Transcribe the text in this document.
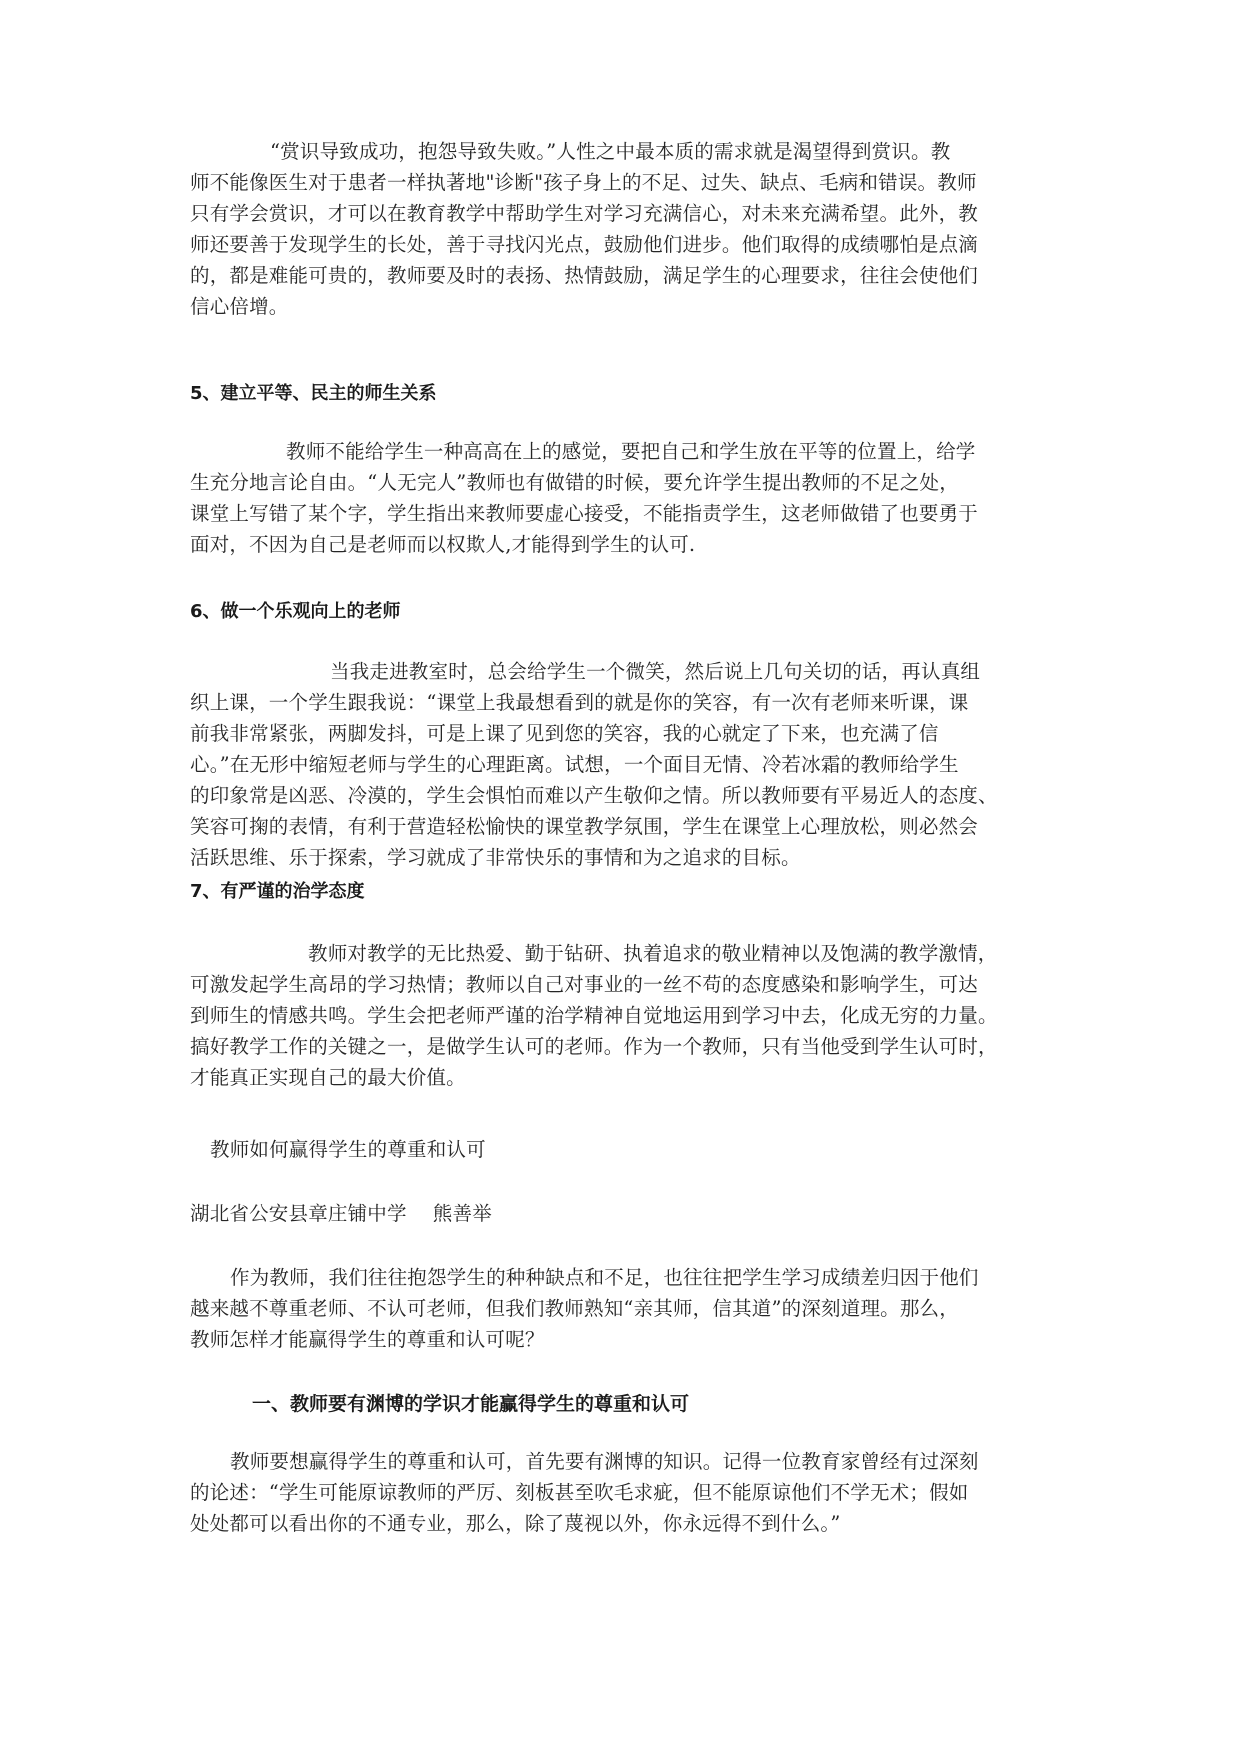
“赏识导致成功，抱怨导致失败。”人性之中最本质的需求就是渴望得到赏识。教
师不能像医生对于患者一样执著地"诊断"孩子身上的不足、过失、缺点、毛病和错误。教师
只有学会赏识，才可以在教育教学中帮助学生对学习充满信心，对未来充满希望。此外，教
师还要善于发现学生的长处，善于寻找闪光点，鼓励他们进步。他们取得的成绩哪怕是点滴
的，都是难能可贵的，教师要及时的表扬、热情鼓励，满足学生的心理要求，往往会使他们
信心倍增。
5、建立平等、民主的师生关系
教师不能给学生一种高高在上的感觉，要把自己和学生放在平等的位置上，给学
生充分地言论自由。“人无完人”教师也有做错的时候，要允许学生提出教师的不足之处，
课堂上写错了某个字，学生指出来教师要虚心接受，不能指责学生，这老师做错了也要勇于
面对，不因为自己是老师而以权欺人,才能得到学生的认可.
6、做一个乐观向上的老师
当我走进教室时，总会给学生一个微笑，然后说上几句关切的话，再认真组
织上课，一个学生跟我说：“课堂上我最想看到的就是你的笑容，有一次有老师来听课，课
前我非常紧张，两脚发抖，可是上课了见到您的笑容，我的心就定了下来，也充满了信
心。”在无形中缩短老师与学生的心理距离。试想，一个面目无情、冷若冰霜的教师给学生
的印象常是凶恶、冷漠的，学生会惧怕而难以产生敬仰之情。所以教师要有平易近人的态度、
笑容可掬的表情，有利于营造轻松愉快的课堂教学氛围，学生在课堂上心理放松，则必然会
活跃思维、乐于探索，学习就成了非常快乐的事情和为之追求的目标。
7、有严谨的治学态度
教师对教学的无比热爱、勤于钻研、执着追求的敬业精神以及饱满的教学激情，
可激发起学生高昂的学习热情；教师以自己对事业的一丝不苟的态度感染和影响学生，可达
到师生的情感共鸣。学生会把老师严谨的治学精神自觉地运用到学习中去，化成无穷的力量。
搞好教学工作的关键之一，是做学生认可的老师。作为一个教师，只有当他受到学生认可时，
才能真正实现自己的最大价值。
教师如何赢得学生的尊重和认可
湖北省公安县章庄铺中学　 熊善举
作为教师，我们往往抱怨学生的种种缺点和不足，也往往把学生学习成绩差归因于他们
越来越不尊重老师、不认可老师，但我们教师熟知“亲其师，信其道”的深刻道理。那么，
教师怎样才能赢得学生的尊重和认可呢？
一、教师要有渊博的学识才能赢得学生的尊重和认可
教师要想赢得学生的尊重和认可，首先要有渊博的知识。记得一位教育家曾经有过深刻
的论述：“学生可能原谅教师的严厉、刻板甚至吹毛求疵，但不能原谅他们不学无术；假如
处处都可以看出你的不通专业，那么，除了蔑视以外，你永远得不到什么。”
